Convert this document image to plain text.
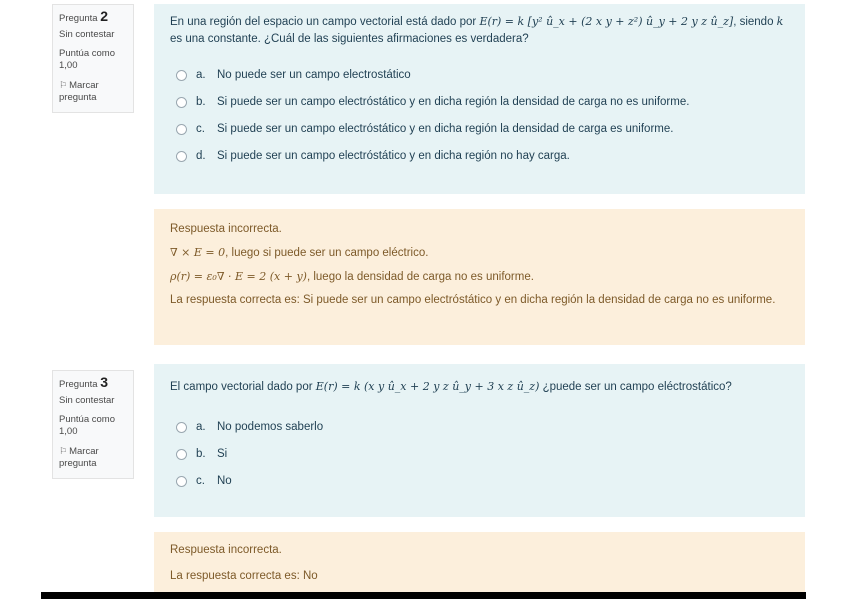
Pregunta 2
Sin contestar
Puntúa como
1,00
⚐ Marcar pregunta

En una región del espacio un campo vectorial está dado por E(r) = k [y² û_x + (2 x y + z²) û_y + 2 y z û_z], siendo k es una constante. ¿Cuál de las siguientes afirmaciones es verdadera?

a. No puede ser un campo electrostático
b. Si puede ser un campo electróstático y en dicha región la densidad de carga no es uniforme.
c.	Si puede ser un campo electróstático y en dicha región la densidad de carga es uniforme.
d. Si puede ser un campo electróstático y en dicha región no hay carga.

Respuesta incorrecta.

∇ × E = 0, luego si puede ser un campo eléctrico.

ρ(r) = ε₀∇ · E = 2 (x + y), luego la densidad de carga no es uniforme.

La respuesta correcta es: Si puede ser un campo electróstático y en dicha región la densidad de carga no es uniforme.

Pregunta 3
Sin contestar
Puntúa como
1,00
⚐ Marcar pregunta

El campo vectorial dado por E(r) = k (x y û_x + 2 y z û_y + 3 x z û_z) ¿puede ser un campo eléctrostático?

a. No podemos saberlo
b. Si
c.	No

Respuesta incorrecta.

La respuesta correcta es: No
